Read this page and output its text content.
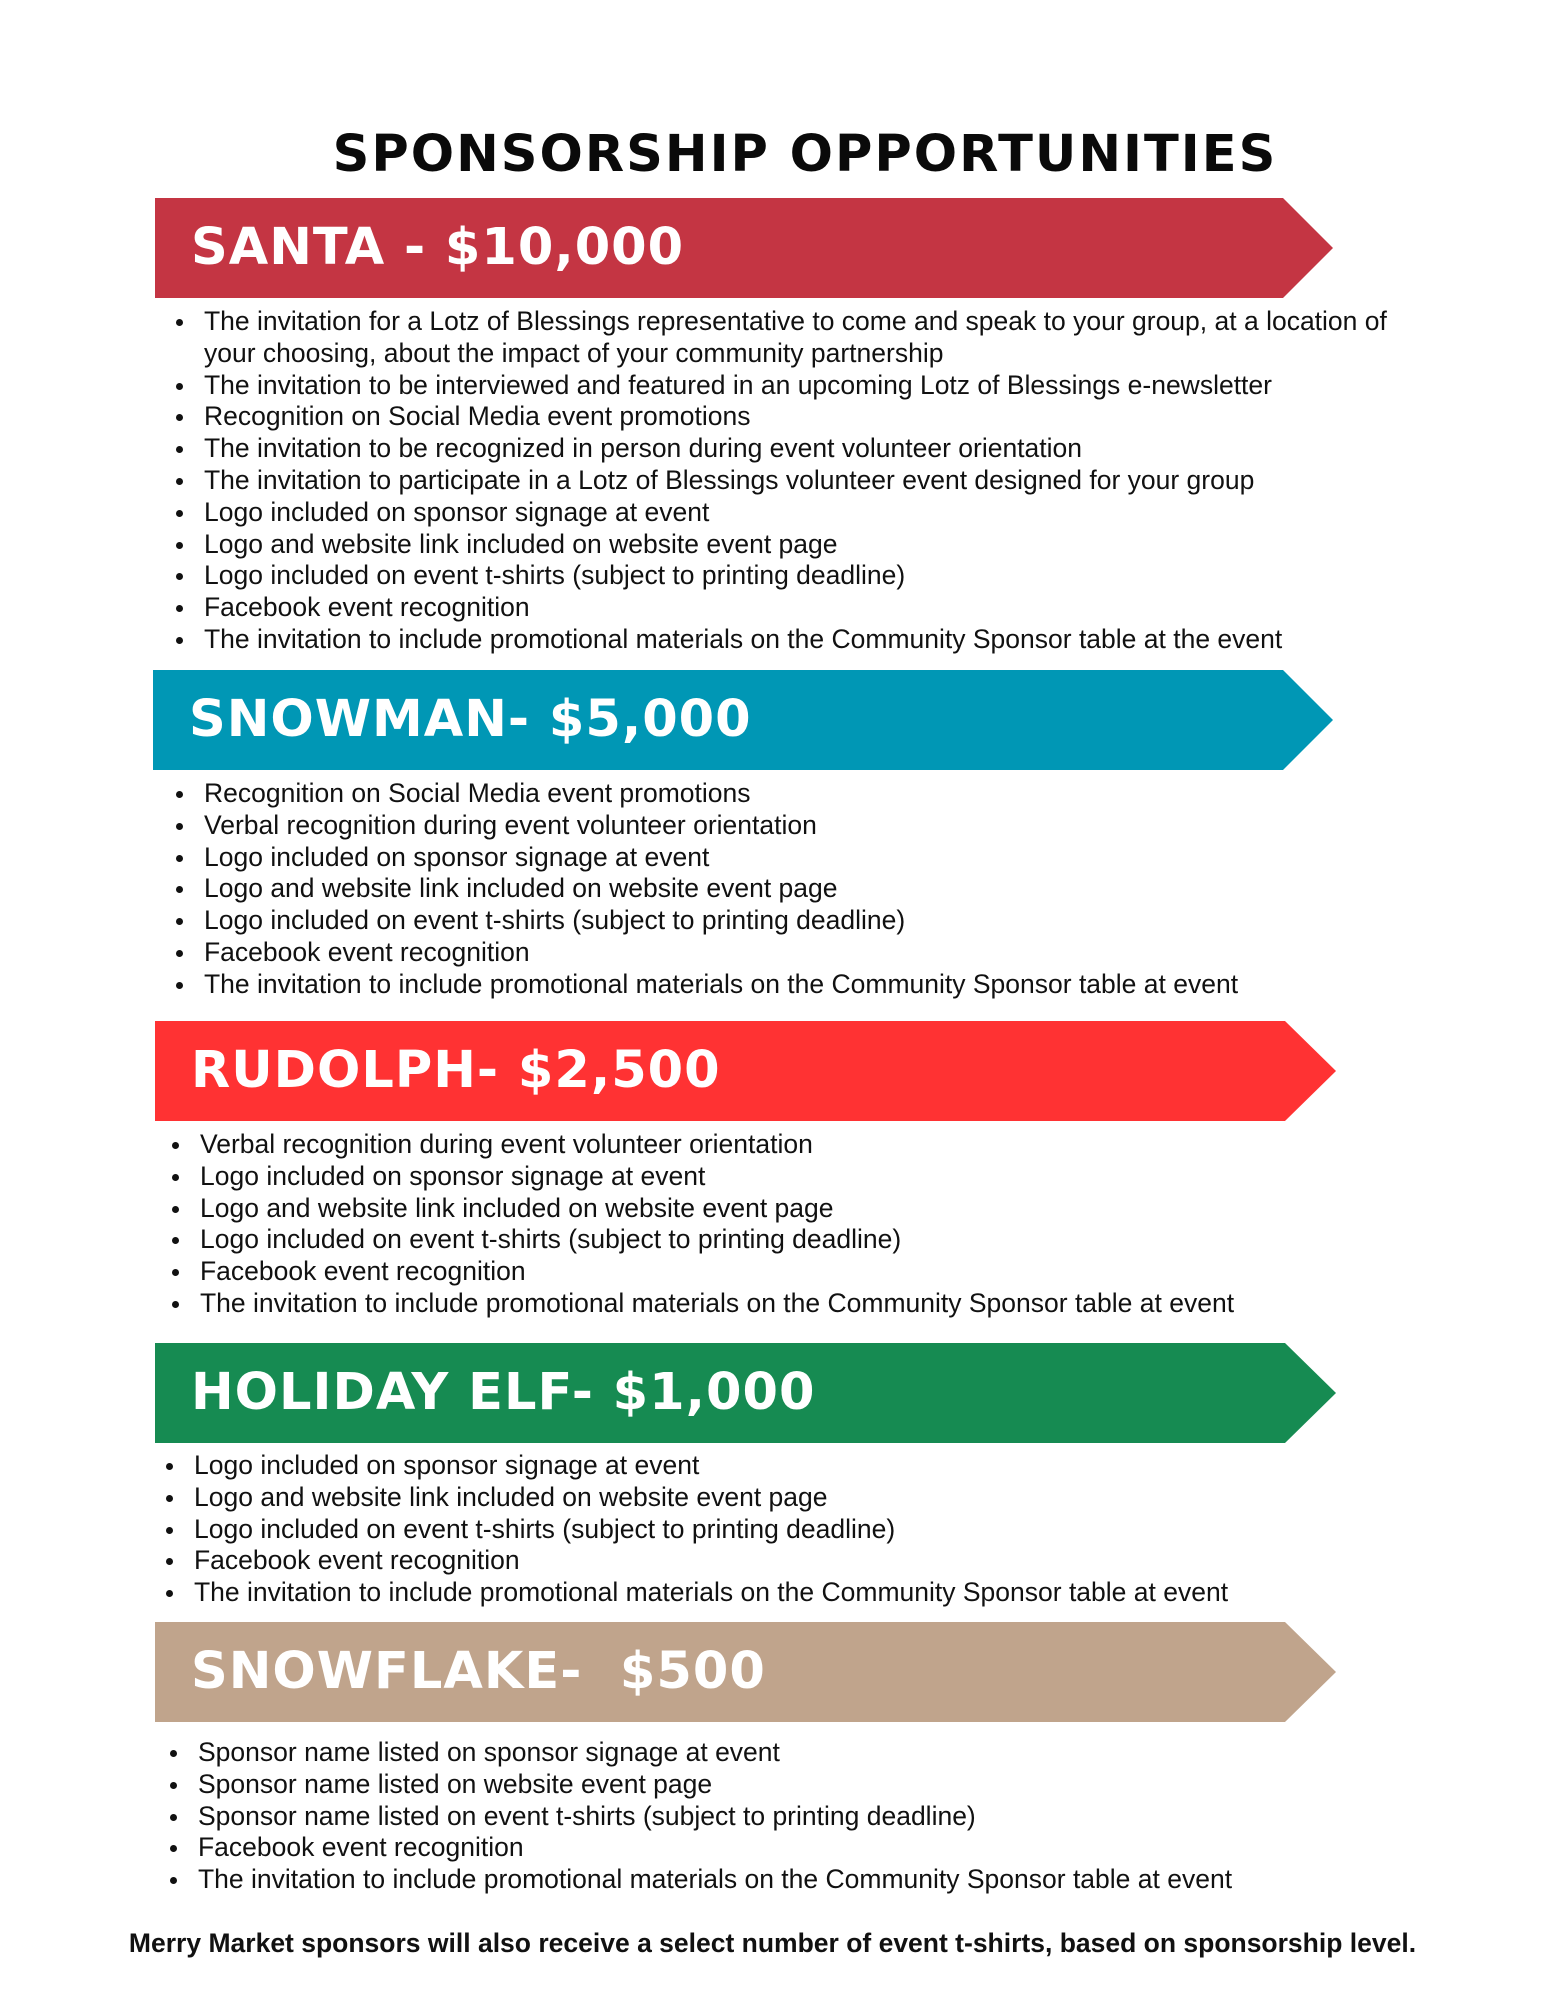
SPONSORSHIP OPPORTUNITIES
SANTA - $10,000
The invitation for a Lotz of Blessings representative to come and speak to your group, at a location of your choosing, about the impact of your community partnership
The invitation to be interviewed and featured in an upcoming Lotz of Blessings e-newsletter
Recognition on Social Media event promotions
The invitation to be recognized in person during event volunteer orientation
The invitation to participate in a Lotz of Blessings volunteer event designed for your group
Logo included on sponsor signage at event
Logo and website link included on website event page
Logo included on event t-shirts (subject to printing deadline)
Facebook event recognition
The invitation to include promotional materials on the Community Sponsor table at the event
SNOWMAN- $5,000
Recognition on Social Media event promotions
Verbal recognition during event volunteer orientation
Logo included on sponsor signage at event
Logo and website link included on website event page
Logo included on event t-shirts (subject to printing deadline)
Facebook event recognition
The invitation to include promotional materials on the Community Sponsor table at event
RUDOLPH- $2,500
Verbal recognition during event volunteer orientation
Logo included on sponsor signage at event
Logo and website link included on website event page
Logo included on event t-shirts (subject to printing deadline)
Facebook event recognition
The invitation to include promotional materials on the Community Sponsor table at event
HOLIDAY ELF- $1,000
Logo included on sponsor signage at event
Logo and website link included on website event page
Logo included on event t-shirts (subject to printing deadline)
Facebook event recognition
The invitation to include promotional materials on the Community Sponsor table at event
SNOWFLAKE-  $500
Sponsor name listed on sponsor signage at event
Sponsor name listed on website event page
Sponsor name listed on event t-shirts (subject to printing deadline)
Facebook event recognition
The invitation to include promotional materials on the Community Sponsor table at event

Merry Market sponsors will also receive a select number of event t-shirts, based on sponsorship level.
